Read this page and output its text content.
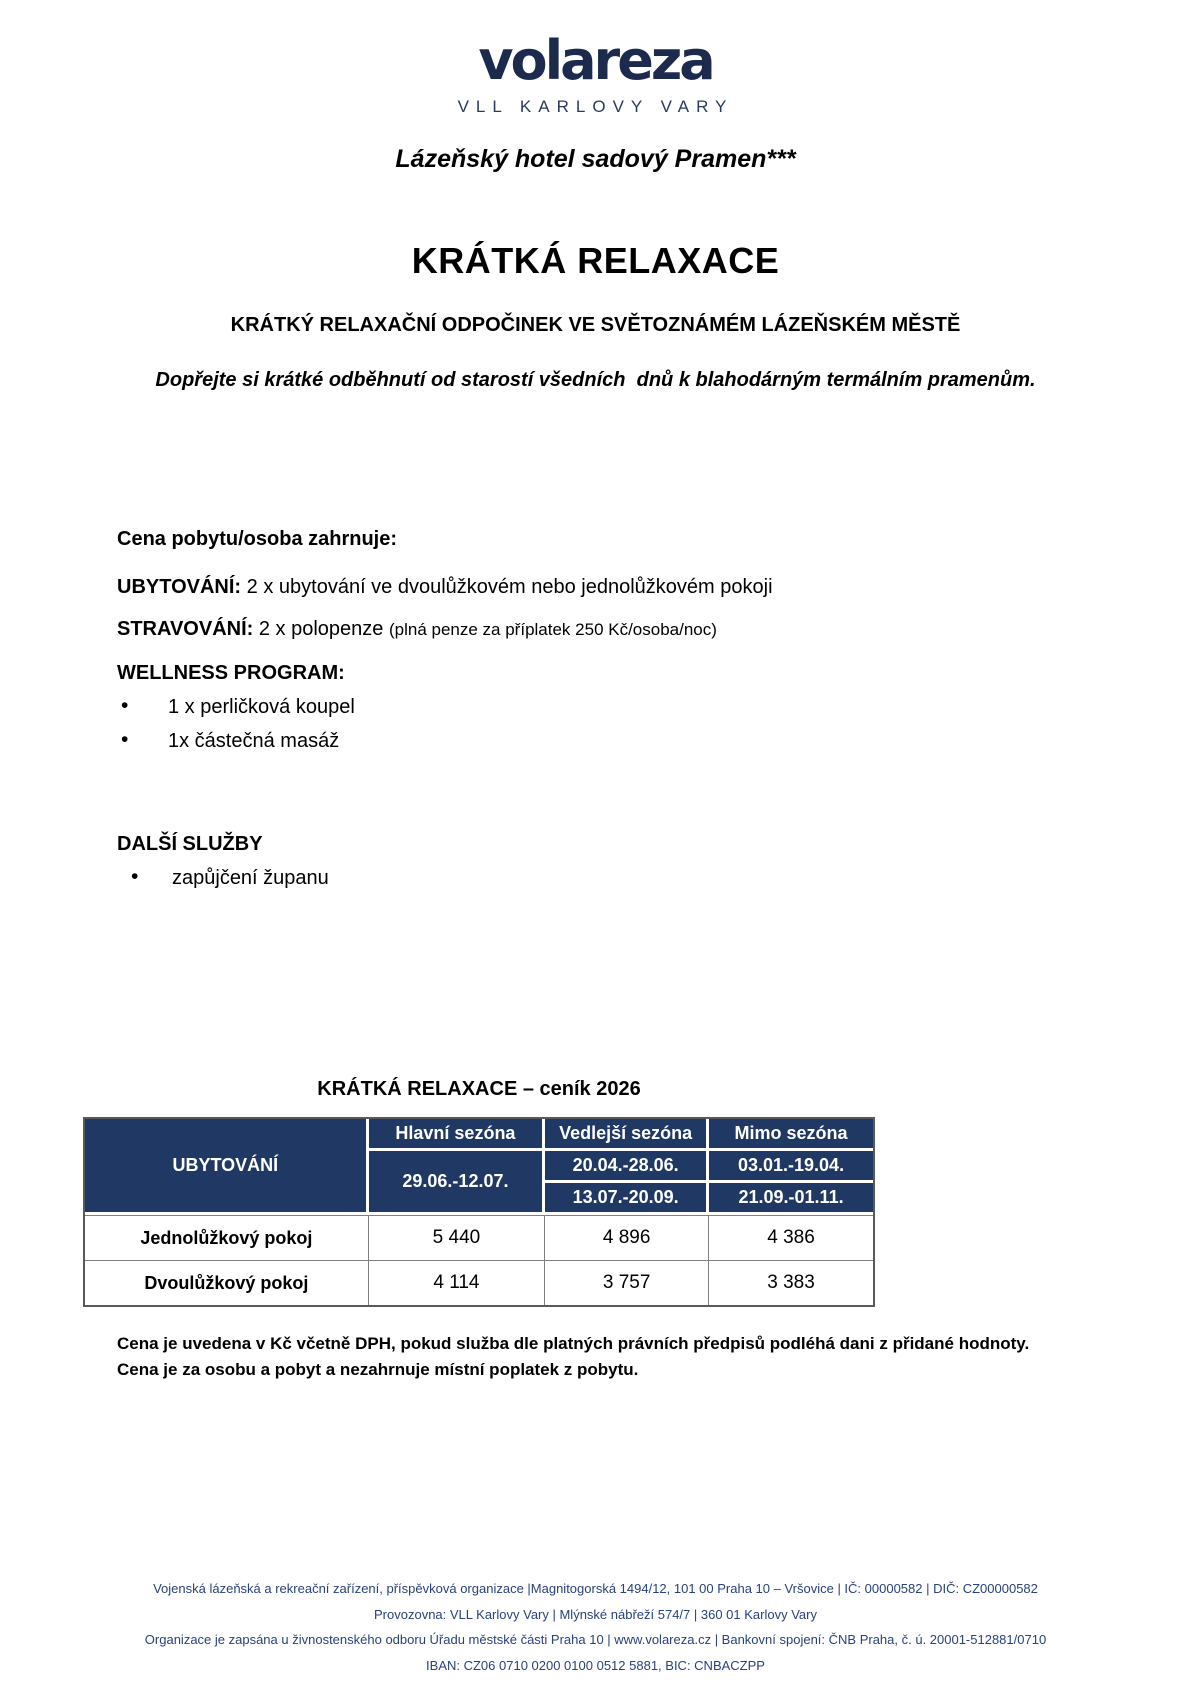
volareza
VLL KARLOVY VARY
Lázeňský hotel sadový Pramen***
KRÁTKÁ RELAXACE
KRÁTKÝ RELAXAČNÍ ODPOČINEK VE SVĚTOZNÁMÉM LÁZEŇSKÉM MĚSTĚ
Dopřejte si krátké odběhnutí od starostí všedních  dnů k blahodárným termálním pramenům.
Cena pobytu/osoba zahrnuje:
UBYTOVÁNÍ: 2 x ubytování ve dvoulůžkovém nebo jednolůžkovém pokoji
STRAVOVÁNÍ: 2 x polopenze (plná penze za příplatek 250 Kč/osoba/noc)
WELLNESS PROGRAM:
• 1 x perličková koupel
• 1x částečná masáž
DALŠÍ SLUŽBY
• zapůjčení županu
KRÁTKÁ RELAXACE – ceník 2026
UBYTOVÁNÍ	Hlavní sezóna	Vedlejší sezóna	Mimo sezóna
	29.06.-12.07.	20.04.-28.06.	03.01.-19.04.
		13.07.-20.09.	21.09.-01.11.
Jednolůžkový pokoj	5 440	4 896	4 386
Dvoulůžkový pokoj	4 114	3 757	3 383
Cena je uvedena v Kč včetně DPH, pokud služba dle platných právních předpisů podléhá dani z přidané hodnoty.
Cena je za osobu a pobyt a nezahrnuje místní poplatek z pobytu.
Vojenská lázeňská a rekreační zařízení, příspěvková organizace |Magnitogorská 1494/12, 101 00 Praha 10 – Vršovice | IČ: 00000582 | DIČ: CZ00000582
Provozovna: VLL Karlovy Vary | Mlýnské nábřeží 574/7 | 360 01 Karlovy Vary
Organizace je zapsána u živnostenského odboru Úřadu městské části Praha 10 | www.volareza.cz | Bankovní spojení: ČNB Praha, č. ú. 20001-512881/0710
IBAN: CZ06 0710 0200 0100 0512 5881, BIC: CNBACZPP
